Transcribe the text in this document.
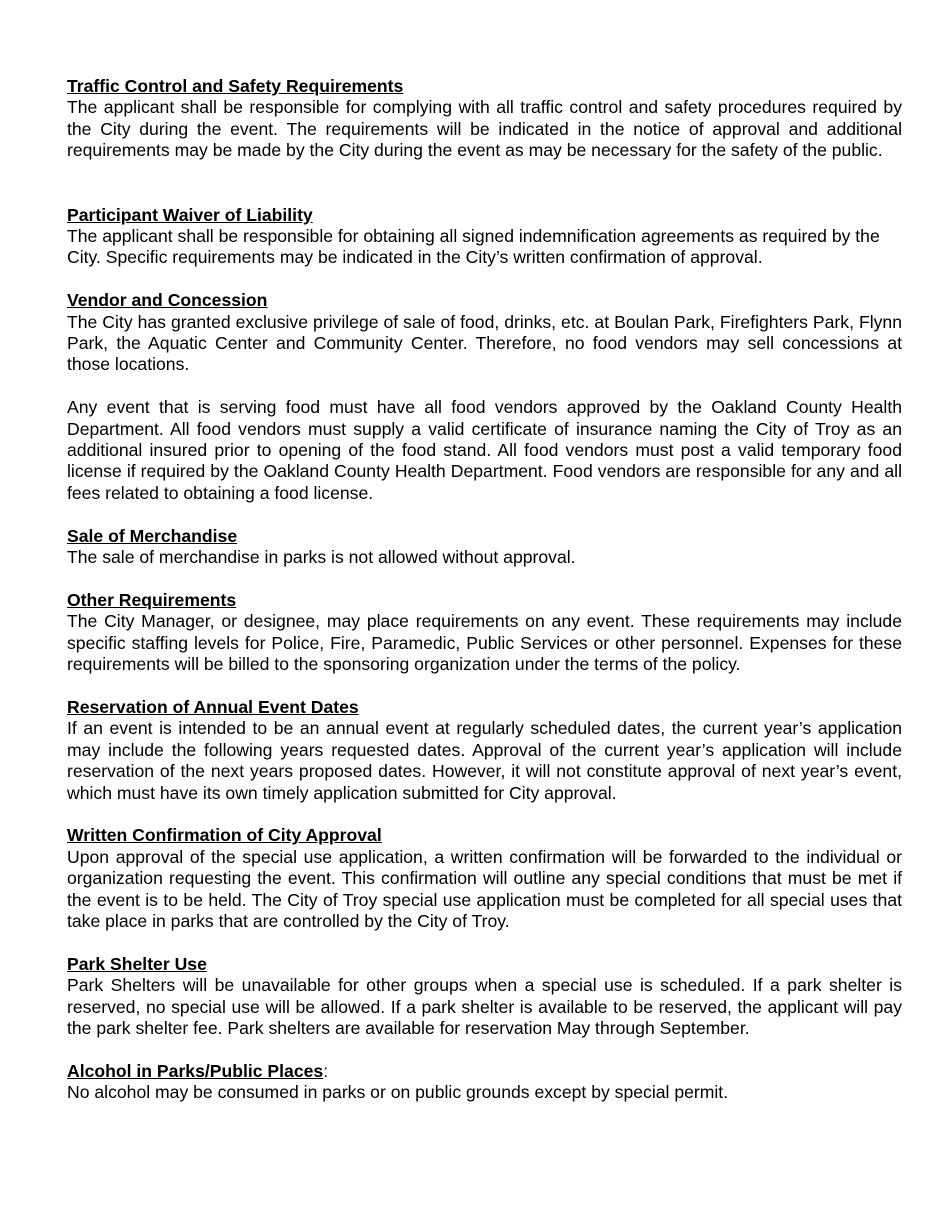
Traffic Control and Safety Requirements

The applicant shall be responsible for complying with all traffic control and safety procedures required by the City during the event. The requirements will be indicated in the notice of approval and additional requirements may be made by the City during the event as may be necessary for the safety of the public.

Participant Waiver of Liability

The applicant shall be responsible for obtaining all signed indemnification agreements as required by the City. Specific requirements may be indicated in the City’s written confirmation of approval.

Vendor and Concession

The City has granted exclusive privilege of sale of food, drinks, etc. at Boulan Park, Firefighters Park, Flynn Park, the Aquatic Center and Community Center. Therefore, no food vendors may sell concessions at those locations.

Any event that is serving food must have all food vendors approved by the Oakland County Health Department. All food vendors must supply a valid certificate of insurance naming the City of Troy as an additional insured prior to opening of the food stand. All food vendors must post a valid temporary food license if required by the Oakland County Health Department. Food vendors are responsible for any and all fees related to obtaining a food license.

Sale of Merchandise

The sale of merchandise in parks is not allowed without approval.

Other Requirements

The City Manager, or designee, may place requirements on any event. These requirements may include specific staffing levels for Police, Fire, Paramedic, Public Services or other personnel. Expenses for these requirements will be billed to the sponsoring organization under the terms of the policy.

Reservation of Annual Event Dates

If an event is intended to be an annual event at regularly scheduled dates, the current year’s application may include the following years requested dates. Approval of the current year’s application will include reservation of the next years proposed dates. However, it will not constitute approval of next year’s event, which must have its own timely application submitted for City approval.

Written Confirmation of City Approval

Upon approval of the special use application, a written confirmation will be forwarded to the individual or organization requesting the event. This confirmation will outline any special conditions that must be met if the event is to be held. The City of Troy special use application must be completed for all special uses that take place in parks that are controlled by the City of Troy.

Park Shelter Use

Park Shelters will be unavailable for other groups when a special use is scheduled. If a park shelter is reserved, no special use will be allowed. If a park shelter is available to be reserved, the applicant will pay the park shelter fee. Park shelters are available for reservation May through September.

Alcohol in Parks/Public Places:

No alcohol may be consumed in parks or on public grounds except by special permit.
